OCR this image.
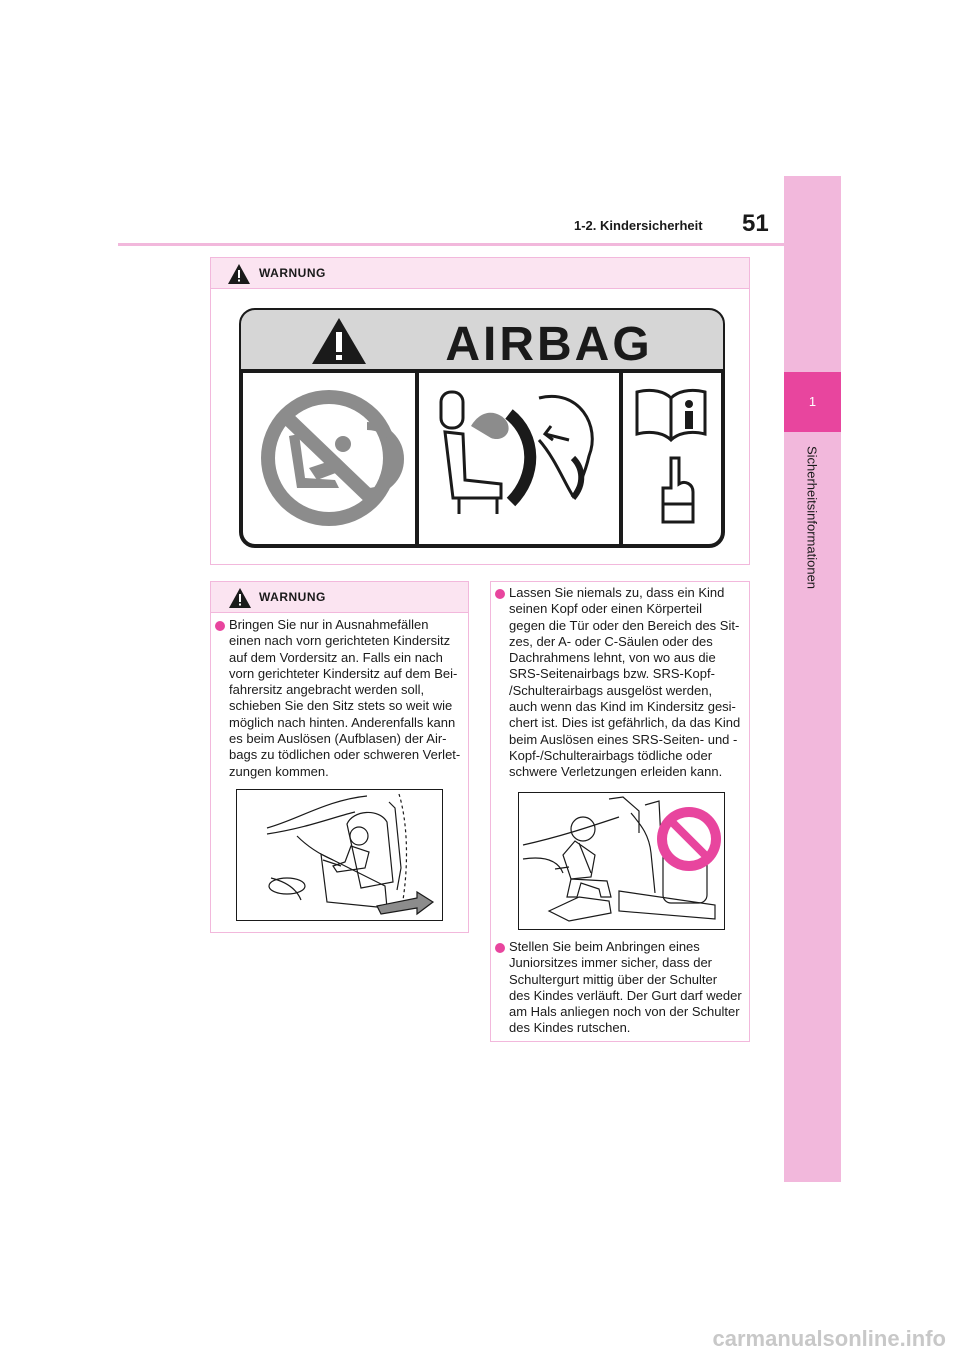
1
Sicherheitsinformationen
1-2. Kindersicherheit 51
WARNUNG
AIRBAG
WARNUNG
Bringen Sie nur in Ausnahmefällen
einen nach vorn gerichteten Kindersitz
auf dem Vordersitz an. Falls ein nach
vorn gerichteter Kindersitz auf dem Bei-
fahrersitz angebracht werden soll,
schieben Sie den Sitz stets so weit wie
möglich nach hinten. Anderenfalls kann
es beim Auslösen (Aufblasen) der Air-
bags zu tödlichen oder schweren Verlet-
zungen kommen.
Lassen Sie niemals zu, dass ein Kind
seinen Kopf oder einen Körperteil
gegen die Tür oder den Bereich des Sit-
zes, der A- oder C-Säulen oder des
Dachrahmens lehnt, von wo aus die
SRS-Seitenairbags bzw. SRS-Kopf-
/Schulterairbags ausgelöst werden,
auch wenn das Kind im Kindersitz gesi-
chert ist. Dies ist gefährlich, da das Kind
beim Auslösen eines SRS-Seiten- und -
Kopf-/Schulterairbags tödliche oder
schwere Verletzungen erleiden kann.
Stellen Sie beim Anbringen eines
Juniorsitzes immer sicher, dass der
Schultergurt mittig über der Schulter
des Kindes verläuft. Der Gurt darf weder
am Hals anliegen noch von der Schulter
des Kindes rutschen.
carmanualsonline.info
